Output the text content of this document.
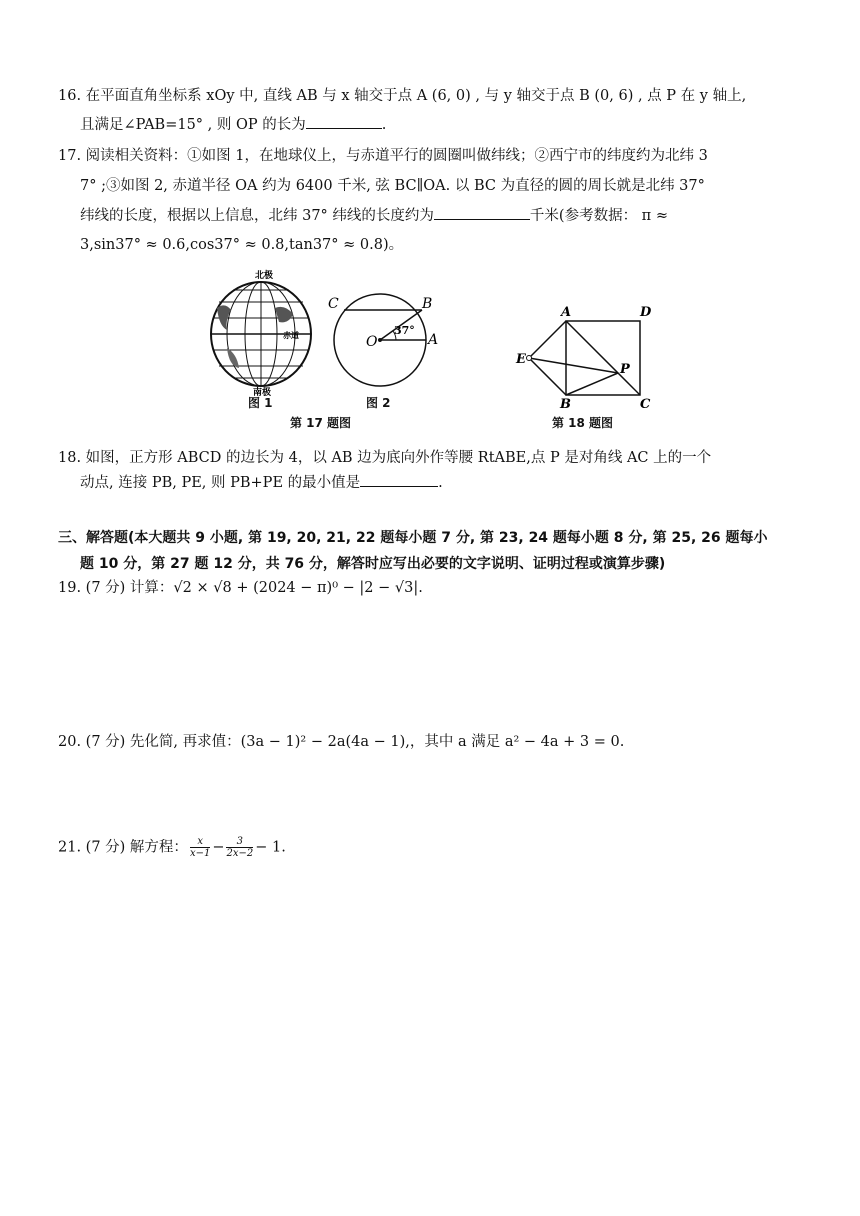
16. 在平面直角坐标系 xOy 中, 直线 AB 与 x 轴交于点 A (6, 0) , 与 y 轴交于点 B (0, 6) , 点 P 在 y 轴上,
且满足∠PAB=15° , 则 OP 的长为	.
17. 阅读相关资料：①如图 1，在地球仪上，与赤道平行的圆圈叫做纬线；②西宁市的纬度约为北纬 3
7° ;③如图 2, 赤道半径 OA 约为 6400 千米, 弦 BC∥OA. 以 BC 为直径的圆的周长就是北纬 37°
纬线的长度，根据以上信息，北纬 37° 纬线的长度约为	千米(参考数据： π ≈
3,sin37° ≈ 0.6,cos37° ≈ 0.8,tan37° ≈ 0.8)。
北极
赤道
南极
图 1
C	B
O	A
37°
图 2
第 17 题图
A	D
E
P
B	C
第 18 题图
18. 如图，正方形 ABCD 的边长为 4，以 AB 边为底向外作等腰 RtABE,点 P 是对角线 AC 上的一个
动点, 连接 PB, PE, 则 PB+PE 的最小值是	.
三、解答题(本大题共 9 小题, 第 19, 20, 21, 22 题每小题 7 分, 第 23, 24 题每小题 8 分, 第 25, 26 题每小
题 10 分，第 27 题 12 分，共 76 分，解答时应写出必要的文字说明、证明过程或演算步骤)
19. (7 分) 计算：√2 × √8 + (2024 − π)⁰ − |2 − √3|.
20. (7 分) 先化简, 再求值：(3a − 1)² − 2a(4a − 1),，其中 a 满足 a² − 4a + 3 = 0.
21. (7 分) 解方程： $\frac{x}{x-1} - \frac{3}{2x-2} - 1$.
